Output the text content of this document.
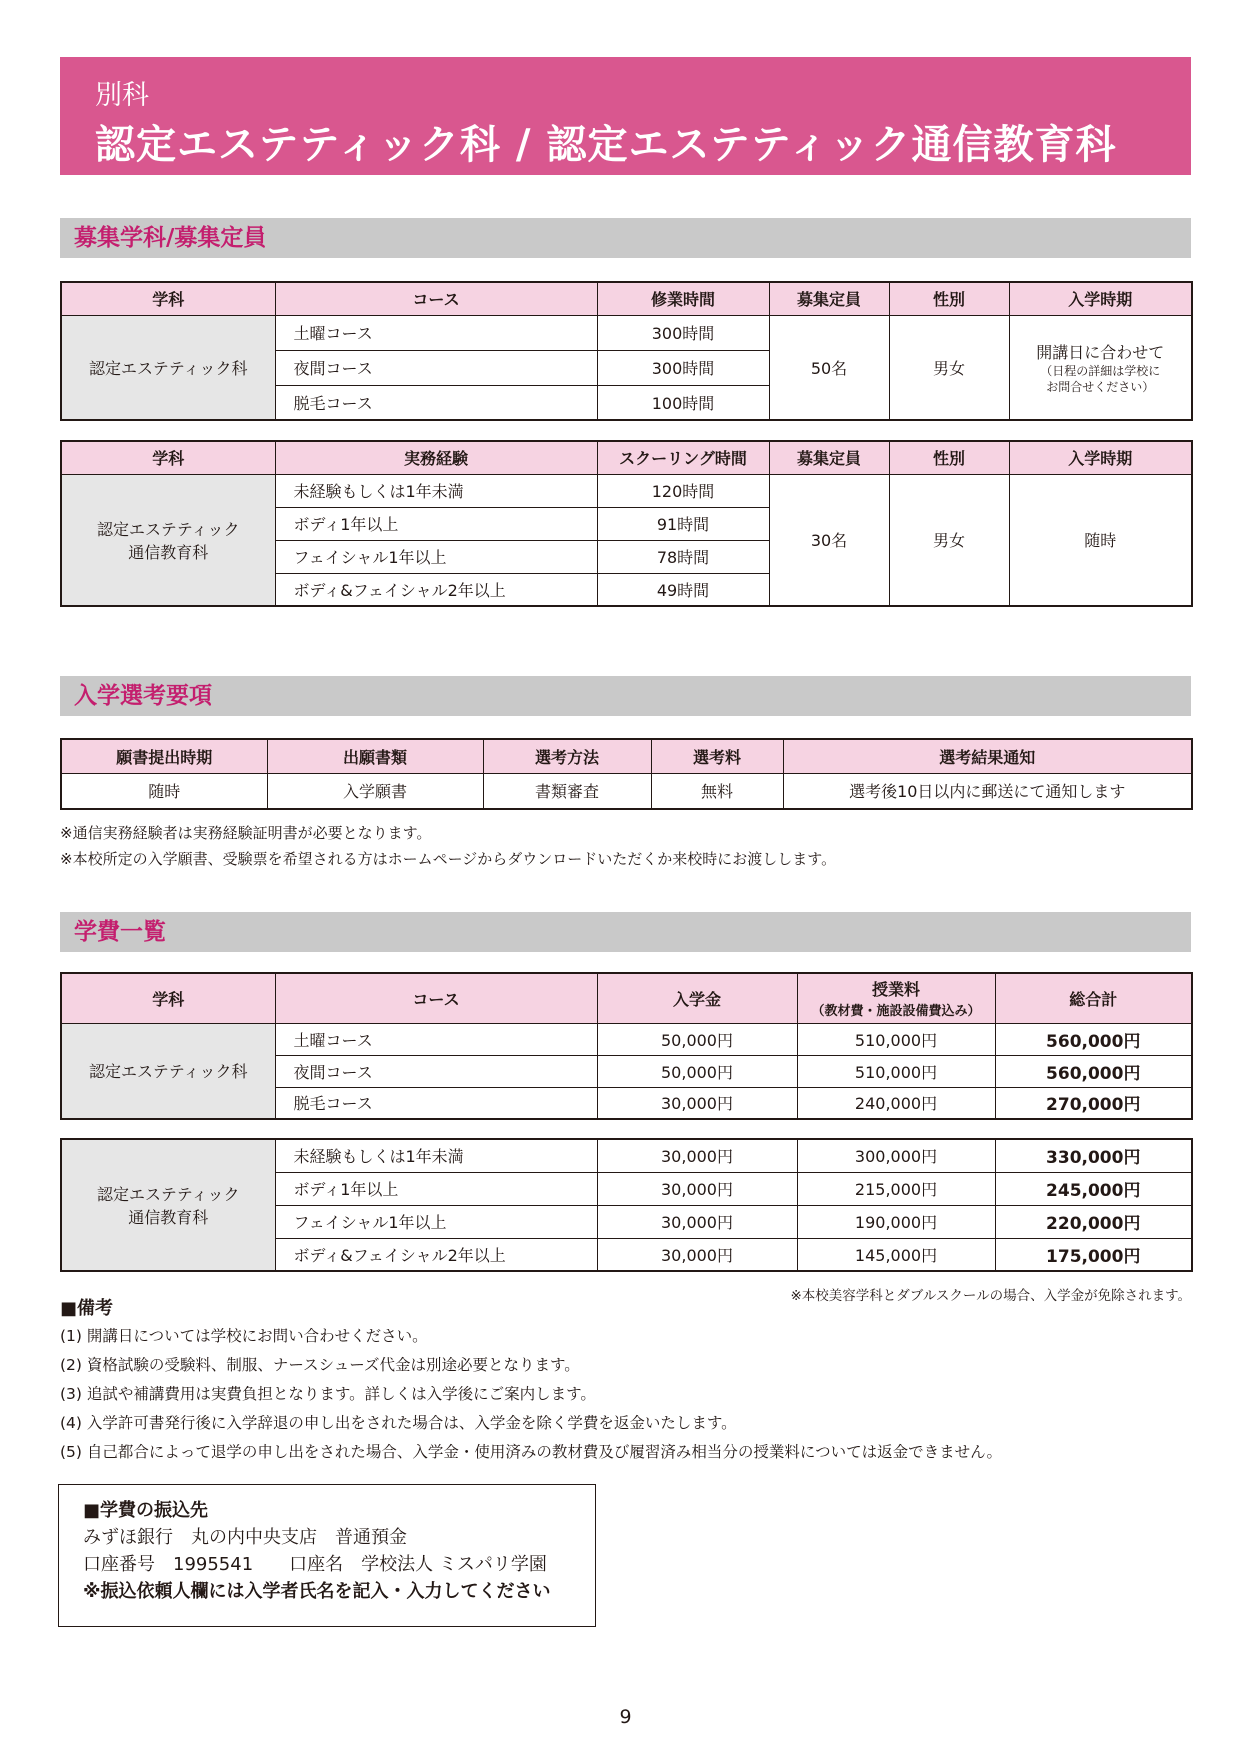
別科
認定エステティック科 / 認定エステティック通信教育科
募集学科/募集定員
学科	コース	修業時間	募集定員	性別	入学時期
認定エステティック科	土曜コース	300時間	50名	男女	開講日に合わせて
（日程の詳細は学校に
お問合せください）

	夜間コース	300時間			
	脱毛コース	100時間			
学科	実務経験	スクーリング時間	募集定員	性別	入学時期

認定エステティック
通信教育科	未経験もしくは1年未満	120時間	30名	男女	随時
	ボディ1年以上	91時間			
	フェイシャル1年以上	78時間			
	ボディ&フェイシャル2年以上	49時間			
入学選考要項
願書提出時期	出願書類	選考方法	選考料	選考結果通知
随時	入学願書	書類審査	無料	選考後10日以内に郵送にて通知します
※通信実務経験者は実務経験証明書が必要となります。
※本校所定の入学願書、受験票を希望される方はホームページからダウンロードいただくか来校時にお渡しします。
学費一覧
学科	コース	入学金	授業料
（教材費・施設設備費込み）	総合計
認定エステティック科	土曜コース	50,000円	510,000円	560,000円
	夜間コース	50,000円	510,000円	560,000円
	脱毛コース	30,000円	240,000円	270,000円
認定エステティック
通信教育科	未経験もしくは1年未満	30,000円	300,000円	330,000円
	ボディ1年以上	30,000円	215,000円	245,000円
	フェイシャル1年以上	30,000円	190,000円	220,000円
	ボディ&フェイシャル2年以上	30,000円	145,000円	175,000円
※本校美容学科とダブルスクールの場合、入学金が免除されます。
■備考
(1) 開講日については学校にお問い合わせください。
(2) 資格試験の受験料、制服、ナースシューズ代金は別途必要となります。
(3) 追試や補講費用は実費負担となります。詳しくは入学後にご案内します。
(4) 入学許可書発行後に入学辞退の申し出をされた場合は、入学金を除く学費を返金いたします。
(5) 自己都合によって退学の申し出をされた場合、入学金・使用済みの教材費及び履習済み相当分の授業料については返金できません。
■学費の振込先
みずほ銀行　丸の内中央支店　普通預金
口座番号　1995541　　口座名　学校法人 ミスパリ学園
※振込依頼人欄には入学者氏名を記入・入力してください
9
